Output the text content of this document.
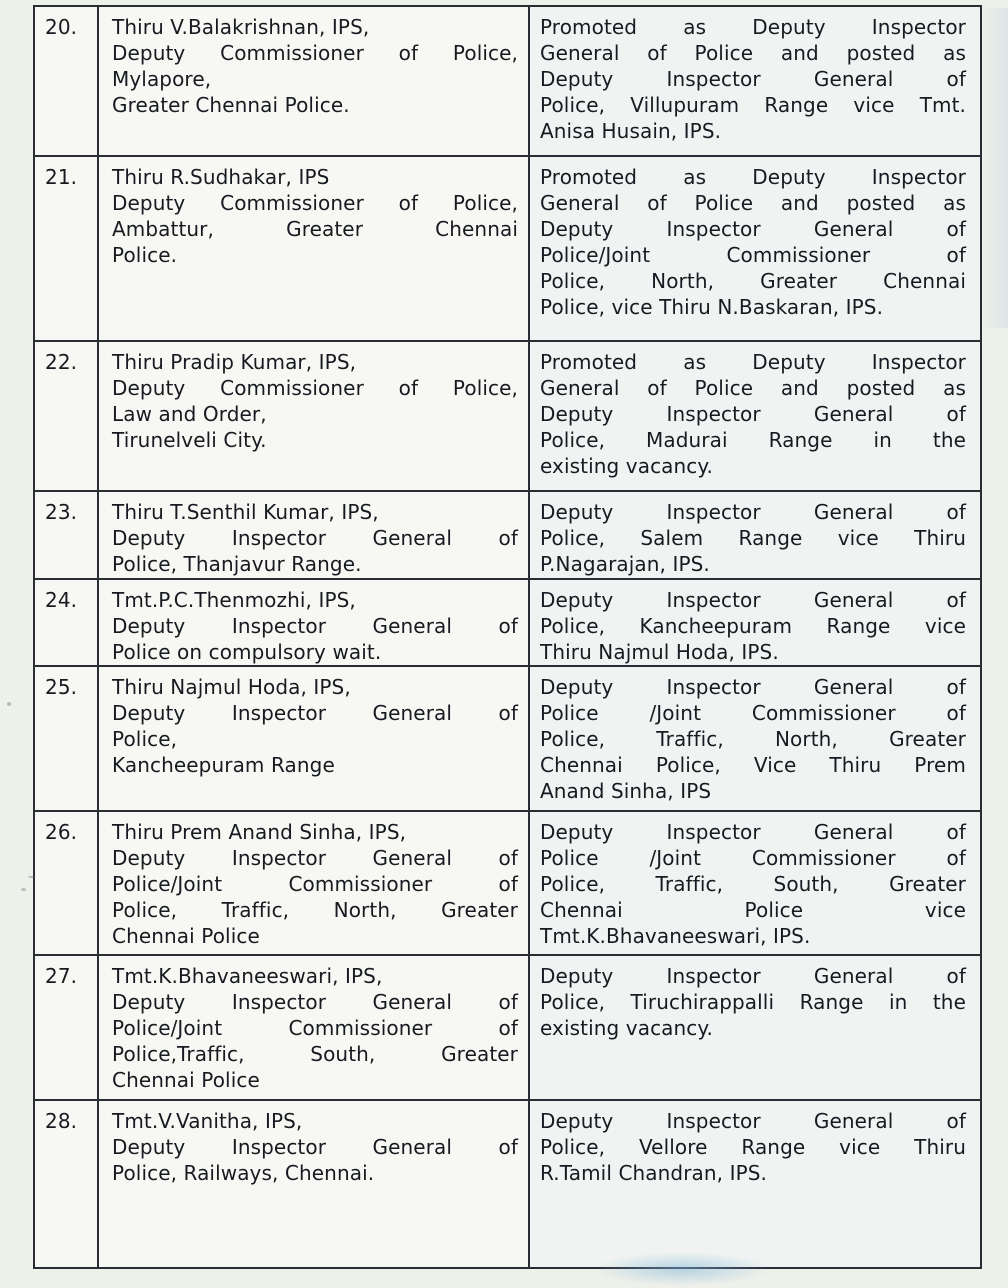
20.	Thiru V.Balakrishnan, IPS,
Deputy Commissioner of Police,
Mylapore,
Greater Chennai Police.

Promoted as Deputy Inspector
General of Police and posted as
Deputy Inspector General of
Police, Villupuram Range vice Tmt.
Anisa Husain, IPS.

21.	Thiru R.Sudhakar, IPS
Deputy Commissioner of Police,
Ambattur, Greater Chennai
Police.

Promoted as Deputy Inspector
General of Police and posted as
Deputy Inspector General of
Police/Joint Commissioner of
Police, North, Greater Chennai
Police, vice Thiru N.Baskaran, IPS.

22.	Thiru Pradip Kumar, IPS,
Deputy Commissioner of Police,
Law and Order,
Tirunelveli City.

Promoted as Deputy Inspector
General of Police and posted as
Deputy Inspector General of
Police, Madurai Range in the
existing vacancy.

23.	Thiru T.Senthil Kumar, IPS,
Deputy Inspector General of
Police, Thanjavur Range.

Deputy Inspector General of
Police, Salem Range vice Thiru
P.Nagarajan, IPS.

24.	Tmt.P.C.Thenmozhi, IPS,
Deputy Inspector General of
Police on compulsory wait.

Deputy Inspector General of
Police, Kancheepuram Range vice
Thiru Najmul Hoda, IPS.

25.	Thiru Najmul Hoda, IPS,
Deputy Inspector General of
Police,
Kancheepuram Range

Deputy Inspector General of
Police /Joint Commissioner of
Police, Traffic, North, Greater
Chennai Police, Vice Thiru Prem
Anand Sinha, IPS

26.	Thiru Prem Anand Sinha, IPS,
Deputy Inspector General of
Police/Joint Commissioner of
Police, Traffic, North, Greater
Chennai Police

Deputy Inspector General of
Police /Joint Commissioner of
Police, Traffic, South, Greater
Chennai Police vice
Tmt.K.Bhavaneeswari, IPS.

27.	Tmt.K.Bhavaneeswari, IPS,
Deputy Inspector General of
Police/Joint Commissioner of
Police,Traffic, South, Greater
Chennai Police

Deputy Inspector General of
Police, Tiruchirappalli Range in the
existing vacancy.

28.	Tmt.V.Vanitha, IPS,
Deputy Inspector General of
Police, Railways, Chennai.

Deputy Inspector General of
Police, Vellore Range vice Thiru
R.Tamil Chandran, IPS.
